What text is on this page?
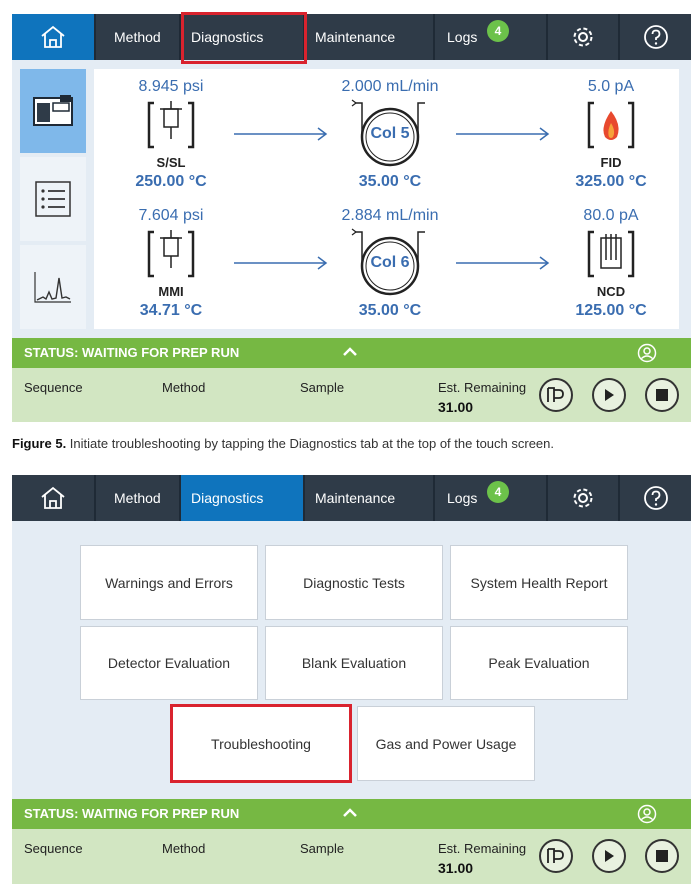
Method	Diagnostics	Maintenance	Logs	4
8.945 psi
S/SL
250.00 °C
2.000 mL/min
Col 5
35.00 °C
5.0 pA
FID
325.00 °C
7.604 psi
MMI
34.71 °C
2.884 mL/min
Col 6
35.00 °C
80.0 pA
NCD
125.00 °C
STATUS: WAITING FOR PREP RUN
Sequence	Method	Sample	Est. Remaining
31.00
Figure 5. Initiate troubleshooting by tapping the Diagnostics tab at the top of the touch screen.
Method	Diagnostics	Maintenance	Logs	4
Warnings and Errors	Diagnostic Tests	System Health Report
Detector Evaluation	Blank Evaluation	Peak Evaluation
Troubleshooting	Gas and Power Usage
STATUS: WAITING FOR PREP RUN
Sequence	Method	Sample	Est. Remaining
31.00
